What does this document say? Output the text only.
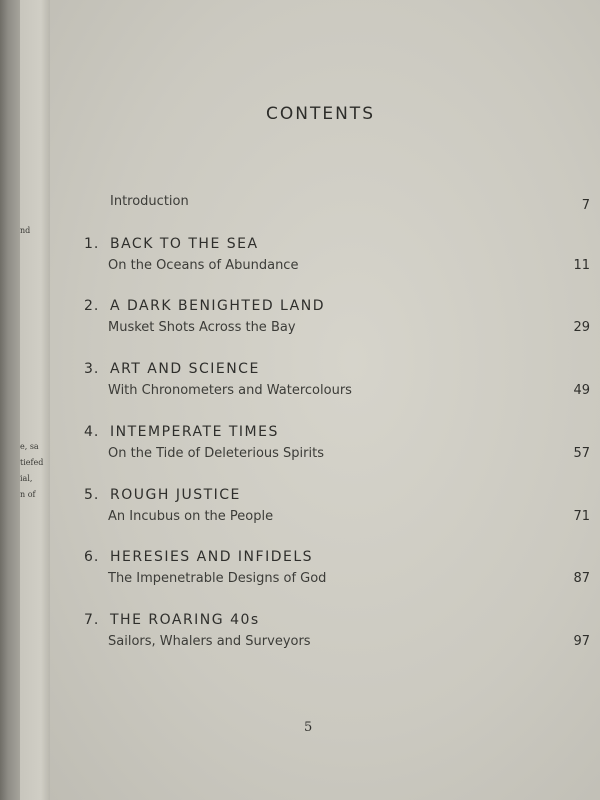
nd
e, sa
tiefed
ial,
n of
CONTENTS
Introduction	7
1. BACK TO THE SEA
On the Oceans of Abundance	11
2. A DARK BENIGHTED LAND
Musket Shots Across the Bay	29
3. ART AND SCIENCE
With Chronometers and Watercolours	49
4. INTEMPERATE TIMES
On the Tide of Deleterious Spirits	57
5. ROUGH JUSTICE
An Incubus on the People	71
6. HERESIES AND INFIDELS
The Impenetrable Designs of God	87
7. THE ROARING 40s
Sailors, Whalers and Surveyors	97
5
